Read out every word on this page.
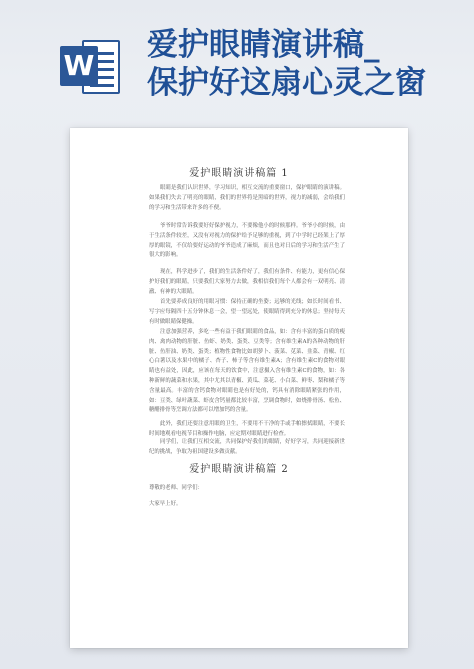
W
爱护眼睛演讲稿_
保护好这扇心灵之窗
爱护眼睛演讲稿篇 1

眼睛是我们认识世界，学习知识，相互交流的重要窗口，保护眼睛的演讲稿。如果我们失去了明亮的眼睛，我们的世界将是黑暗的世界，视力的减弱，会给我们的学习和生活带来许多的不便。

爷爷时常告诉我要好好保护视力，不要像他小的时候那样。爷爷小的时候，由于生活条件较差，又没有对视力的保护给予足够的重视，到了中学时已经架上了厚厚的眼镜，不仅给要好运动的爷爷造成了麻烦，而且也对日后的学习和生活产生了很大的影响。

现在，科学进步了，我们的生活条件好了，我们有条件、有能力，更有信心保护好我们的眼睛，只要我们大家努力去做，我相信我们每个人都会有一双明亮、清澈、有神的大眼睛。

首先要养成良好的用眼习惯：保持正确的坐姿；远够的光线；如长时间看书、写字应每隔四十五分钟休息一会，望一望远处，使眼睛得到充分的休息；坚持每天有时做眼睛保健操。

注意加强营养，多吃一些有益于我们眼睛的食品，如：含有丰富的蛋白质的瘦肉、禽肉动物的肝脏、鱼虾、奶类、蛋类、豆类等；含有维生素A的各种动物的肝脏、鱼肝油、奶类、蛋类；植物性食物比如胡萝卜、菠菜、苋菜、韭菜、青椒、红心白薯以及水果中的橘子、杏子、柿子等含有维生素A；含有维生素C的食物对眼睛也有益处，因此，应该在每天的饮食中，注意摄入含有维生素C的食物，如：各种新鲜的蔬菜和水果，其中尤其以青椒、黄瓜、菜花、小白菜、鲜枣、梨和橘子等含量最高。丰富的含钙食物对眼睛也是有好处的，钙具有消除眼睛紧张的作用，如：豆类、绿叶蔬菜、虾皮含钙量都比较丰富，烹调食物时，如烧排骨汤、松鱼、糖醋排骨等烹调方法都可以增加钙的含量。

此外，我们还要注意用眼的卫生，不要用不干净的手或手帕擦拭眼睛，不要长时间地观看电视节目和操作电脑，应定期对眼睛进行检查。

同学们，让我们互相交流，共同保护好我们的眼睛，好好学习，共同迎接新世纪的挑战，争取为祖国建设多做贡献。

爱护眼睛演讲稿篇 2

尊敬的老师、同学们：

大家早上好。
